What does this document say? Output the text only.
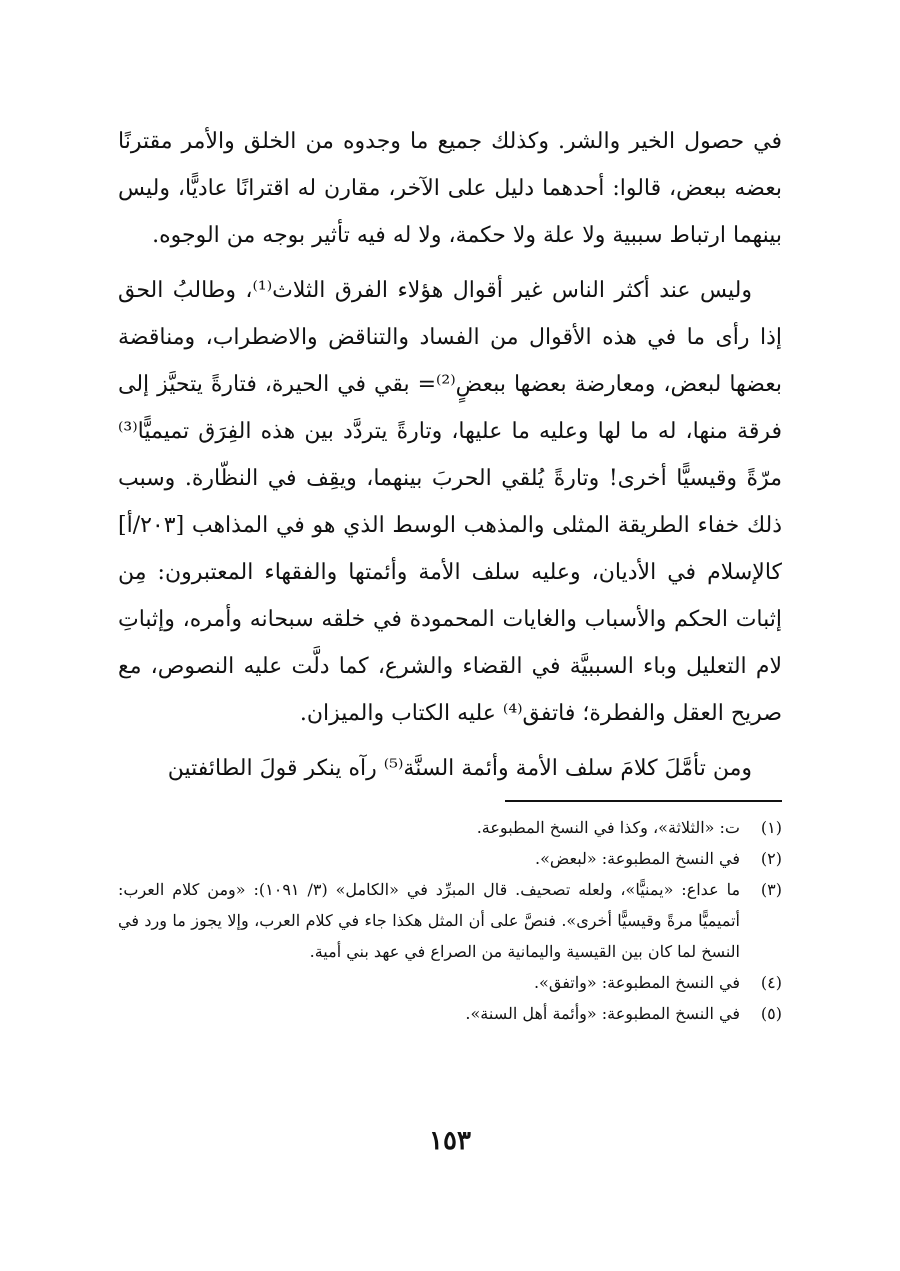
في حصول الخير والشر. وكذلك جميع ما وجدوه من الخلق والأمر مقترنًا بعضه ببعض، قالوا: أحدهما دليل على الآخر، مقارن له اقترانًا عاديًّا، وليس بينهما ارتباط سببية ولا علة ولا حكمة، ولا له فيه تأثير بوجه من الوجوه.

وليس عند أكثر الناس غير أقوال هؤلاء الفرق الثلاث⁽¹⁾، وطالبُ الحق إذا رأى ما في هذه الأقوال من الفساد والتناقض والاضطراب، ومناقضة بعضها لبعض، ومعارضة بعضها ببعضٍ⁽²⁾= بقي في الحيرة، فتارةً يتحيَّز إلى فرقة منها، له ما لها وعليه ما عليها، وتارةً يتردَّد بين هذه الفِرَق تميميًّا⁽³⁾ مرّةً وقيسيًّا أخرى! وتارةً يُلقي الحربَ بينهما، ويقِف في النظّارة. وسبب ذلك خفاء الطريقة المثلى والمذهب الوسط الذي هو في المذاهب [٢٠٣/أ] كالإسلام في الأديان، وعليه سلف الأمة وأئمتها والفقهاء المعتبرون: مِن إثبات الحكم والأسباب والغايات المحمودة في خلقه سبحانه وأمره، وإثباتِ لام التعليل وباء السببيَّة في القضاء والشرع، كما دلَّت عليه النصوص، مع صريح العقل والفطرة؛ فاتفق⁽⁴⁾ عليه الكتاب والميزان.

ومن تأمَّلَ كلامَ سلف الأمة وأئمة السنَّة⁽⁵⁾ رآه ينكر قولَ الطائفتين

(١)
ت: «الثلاثة»، وكذا في النسخ المطبوعة.
(٢)
في النسخ المطبوعة: «لبعض».
(٣)
ما عداع: «يمنيًّا»، ولعله تصحيف. قال المبرِّد في «الكامل» (٣/ ١٠٩١): «ومن كلام العرب: أتميميًّا مرةً وقيسيًّا أخرى». فنصَّ على أن المثل هكذا جاء في كلام العرب، وإلا يجوز ما ورد في النسخ لما كان بين القيسية واليمانية من الصراع في عهد بني أمية.
(٤)
في النسخ المطبوعة: «واتفق».
(٥)
في النسخ المطبوعة: «وأئمة أهل السنة».
١٥٣
